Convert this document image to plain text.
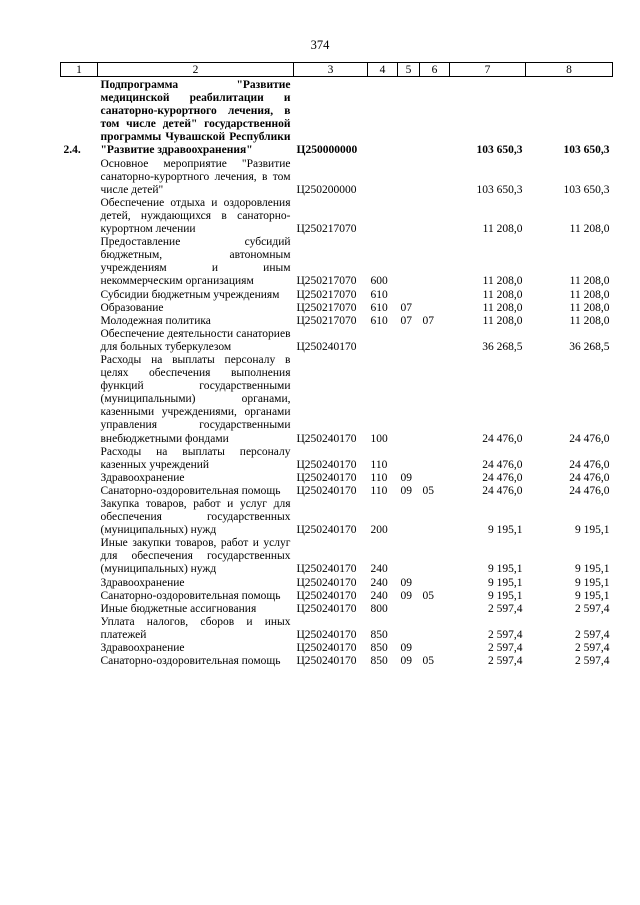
374
1	2	3	4	5	6	7	8
2.4.	Подпрограмма "Развитие медицинской реабилитации и санаторно-курортного лечения, в том числе детей" государственной программы Чувашской Республики "Развитие здравоохранения"	Ц250000000				103 650,3	103 650,3
	Основное мероприятие "Развитие санаторно-курортного лечения, в том числе детей"	Ц250200000				103 650,3	103 650,3
	Обеспечение отдыха и оздоровления детей, нуждающихся в санаторно-курортном лечении	Ц250217070				11 208,0	11 208,0
	Предоставление субсидий бюджетным, автономным учреждениям и иным некоммерческим организациям	Ц250217070	600			11 208,0	11 208,0
	Субсидии бюджетным учреждениям	Ц250217070	610			11 208,0	11 208,0
	Образование	Ц250217070	610	07		11 208,0	11 208,0
	Молодежная политика	Ц250217070	610	07	07	11 208,0	11 208,0
	Обеспечение деятельности санаториев для больных туберкулезом	Ц250240170				36 268,5	36 268,5
	Расходы на выплаты персоналу в целях обеспечения выполнения функций государственными (муниципальными) органами, казенными учреждениями, органами управления государственными внебюджетными фондами	Ц250240170	100			24 476,0	24 476,0
	Расходы на выплаты персоналу казенных учреждений	Ц250240170	110			24 476,0	24 476,0
	Здравоохранение	Ц250240170	110	09		24 476,0	24 476,0
	Санаторно-оздоровительная помощь	Ц250240170	110	09	05	24 476,0	24 476,0
	Закупка товаров, работ и услуг для обеспечения государственных (муниципальных) нужд	Ц250240170	200			9 195,1	9 195,1
	Иные закупки товаров, работ и услуг для обеспечения государственных (муниципальных) нужд	Ц250240170	240			9 195,1	9 195,1
	Здравоохранение	Ц250240170	240	09		9 195,1	9 195,1
	Санаторно-оздоровительная помощь	Ц250240170	240	09	05	9 195,1	9 195,1
	Иные бюджетные ассигнования	Ц250240170	800			2 597,4	2 597,4
	Уплата налогов, сборов и иных платежей	Ц250240170	850			2 597,4	2 597,4
	Здравоохранение	Ц250240170	850	09		2 597,4	2 597,4
	Санаторно-оздоровительная помощь	Ц250240170	850	09	05	2 597,4	2 597,4
